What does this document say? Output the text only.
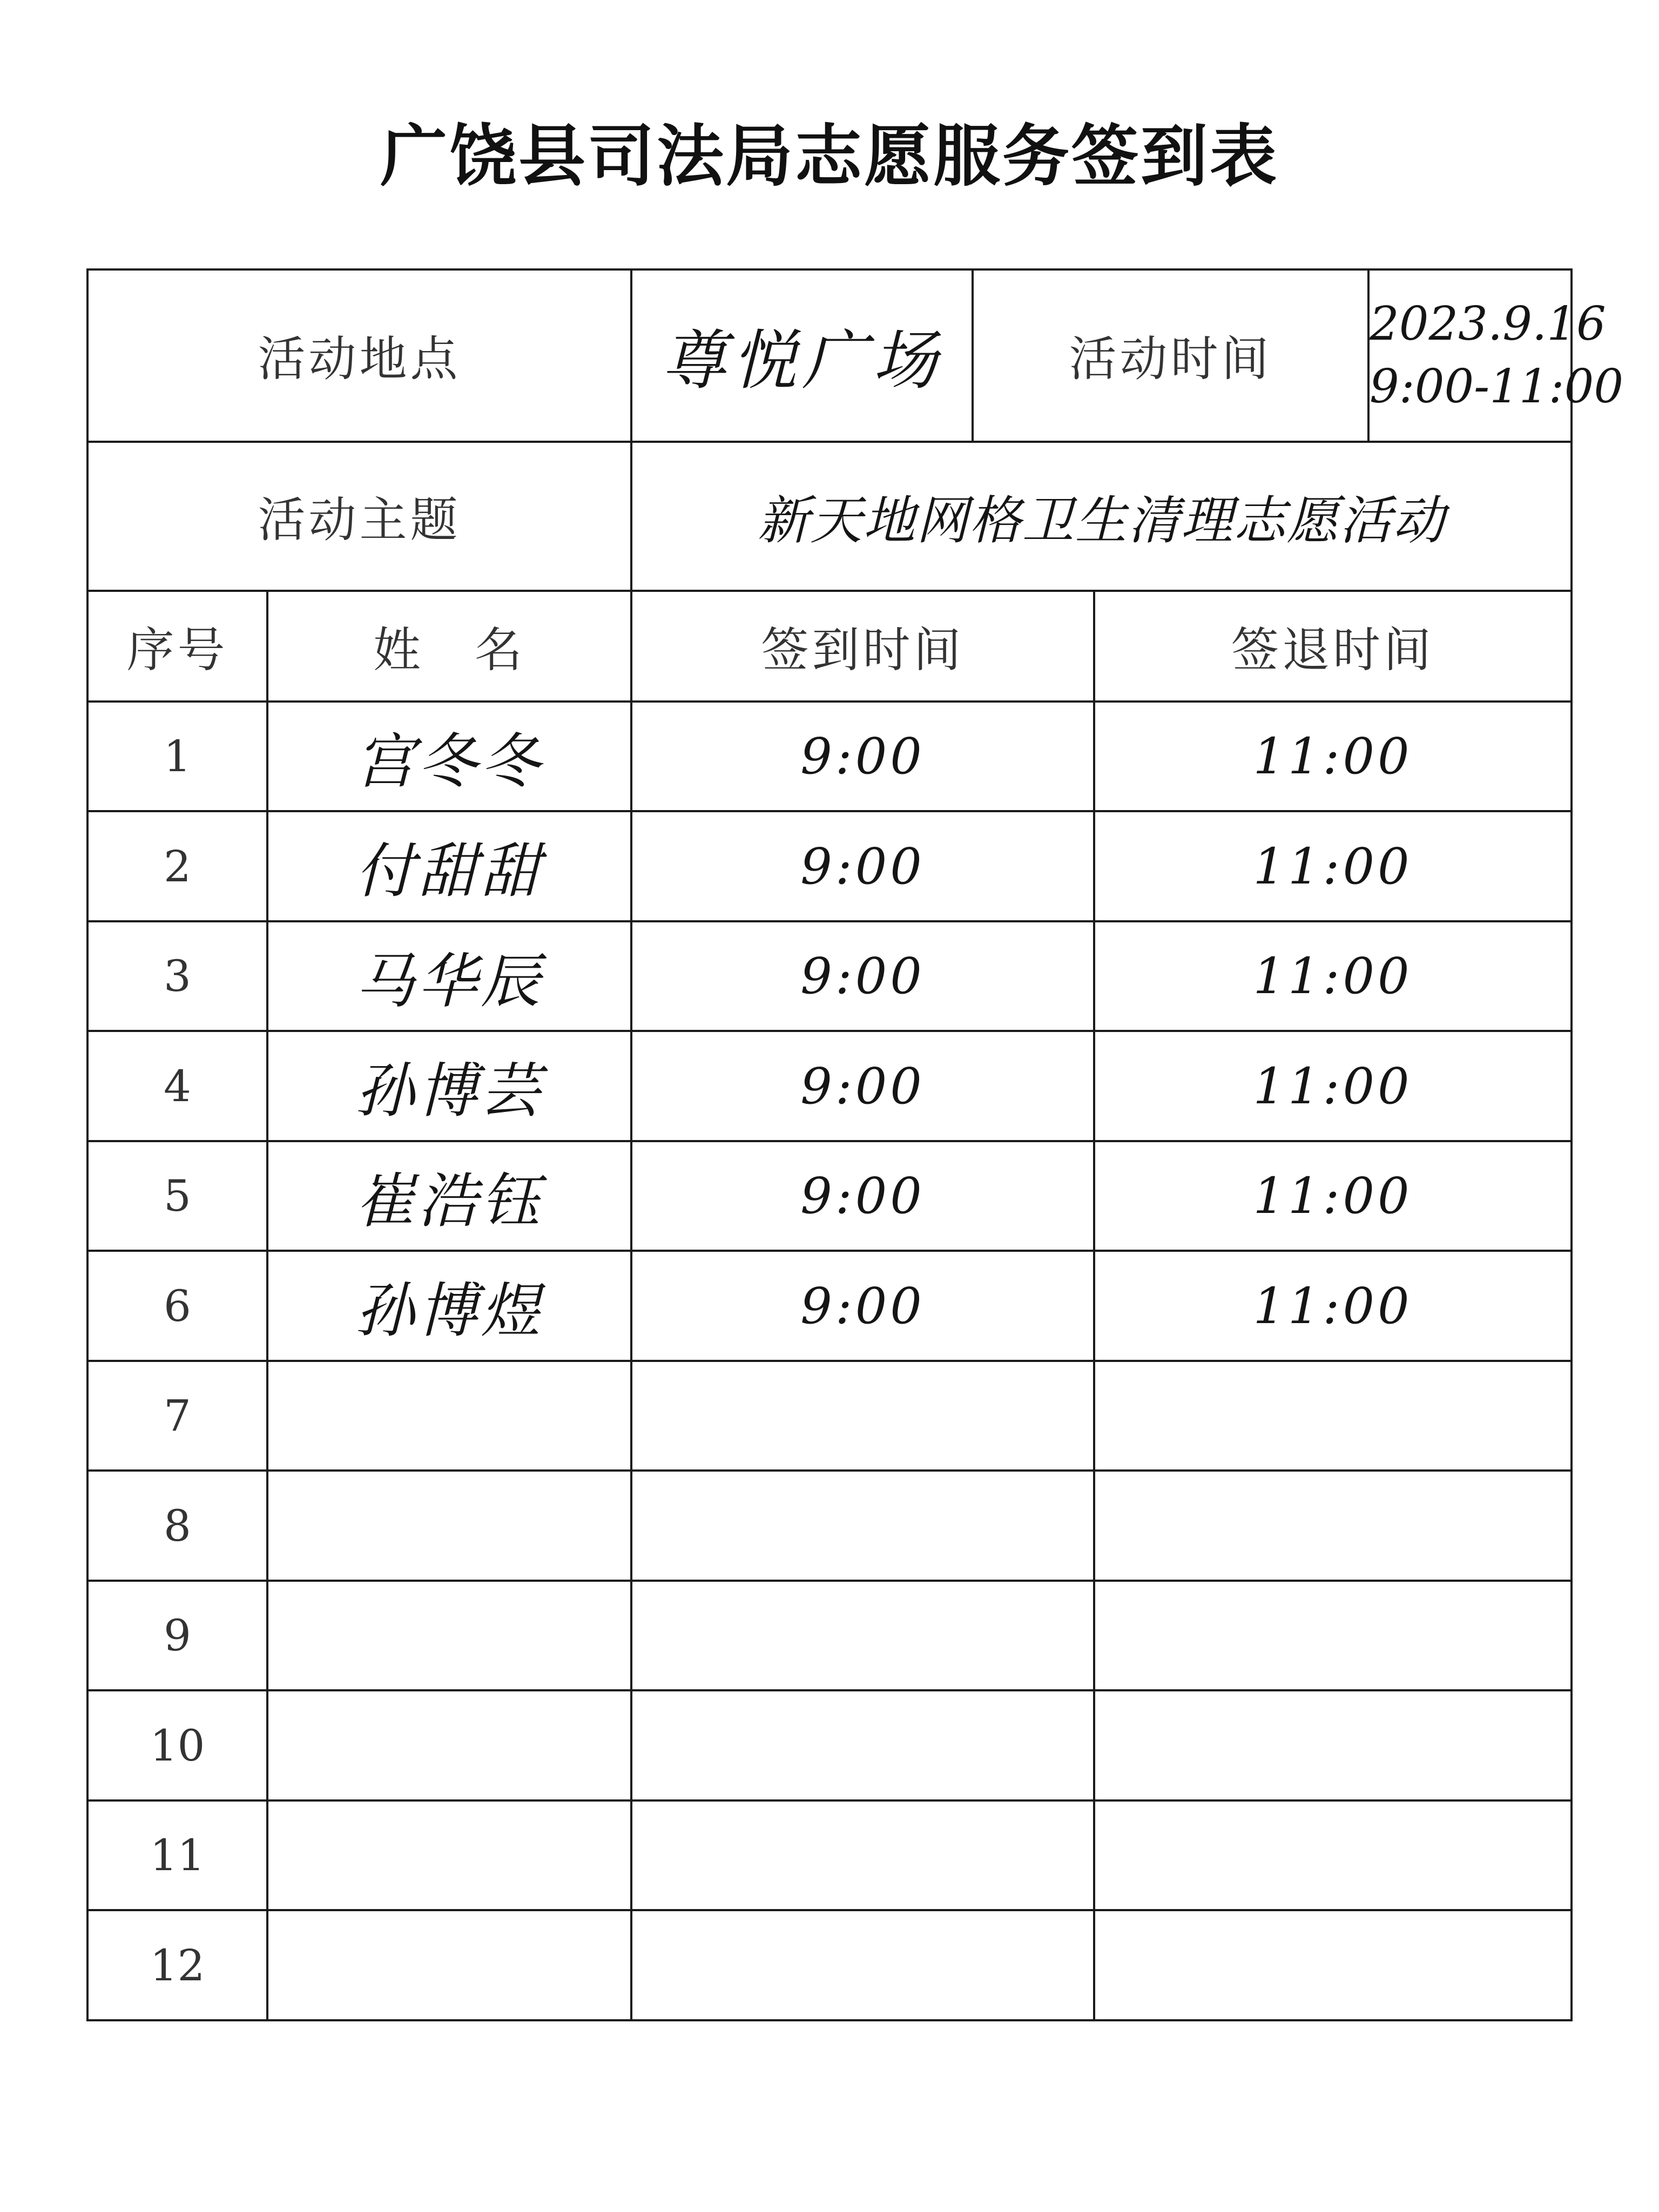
广饶县司法局志愿服务签到表
活动地点		尊悦广场	活动时间		2023.9.16
9:00-11:00

活动主题		新天地网格卫生清理志愿活动			
序号	姓　名	签到时间		签退时间	
1	宫冬冬	9:00		11:00	
2	付甜甜	9:00		11:00	
3	马华辰	9:00		11:00	
4	孙博芸	9:00		11:00	
5	崔浩钰	9:00		11:00	
6	孙博煜	9:00		11:00	
7					
8					
9					
10					
11					
12					
